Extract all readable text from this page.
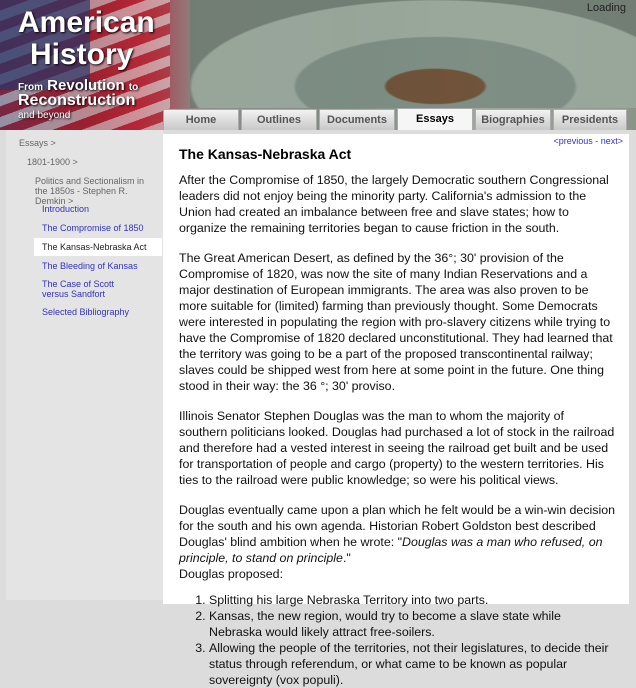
American
History
From Revolution to
Reconstruction
and beyond
Loading
Home	Outlines	Documents	Essays	Biographies	Presidents
Essays >
1801-1900 >
Politics and Sectionalism in the 1850s - Stephen R. Demkin >
Introduction
The Compromise of 1850
The Kansas-Nebraska Act
The Bleeding of Kansas
The Case of Scott versus Sandfort
Selected Bibliography
<previous - next>
The Kansas-Nebraska Act

After the Compromise of 1850, the largely Democratic southern Congressional leaders did not enjoy being the minority party. California's admission to the Union had created an imbalance between free and slave states; how to organize the remaining territories began to cause friction in the south.

The Great American Desert, as defined by the 36°; 30' provision of the Compromise of 1820, was now the site of many Indian Reservations and a major destination of European immigrants. The area was also proven to be more suitable for (limited) farming than previously thought. Some Democrats were interested in populating the region with pro-slavery citizens while trying to have the Compromise of 1820 declared unconstitutional. They had learned that the territory was going to be a part of the proposed transcontinental railway; slaves could be shipped west from here at some point in the future. One thing stood in their way: the 36 °; 30' proviso.

Illinois Senator Stephen Douglas was the man to whom the majority of southern politicians looked. Douglas had purchased a lot of stock in the railroad and therefore had a vested interest in seeing the railroad get built and be used for transportation of people and cargo (property) to the western territories. His ties to the railroad were public knowledge; so were his political views.

Douglas eventually came upon a plan which he felt would be a win-win decision for the south and his own agenda. Historian Robert Goldston best described Douglas' blind ambition when he wrote: "Douglas was a man who refused, on principle, to stand on principle."
Douglas proposed:

1. Splitting his large Nebraska Territory into two parts.
2. Kansas, the new region, would try to become a slave state while Nebraska would likely attract free-soilers.
3. Allowing the people of the territories, not their legislatures, to decide their status through referendum, or what came to be known as popular sovereignty (vox populi).
